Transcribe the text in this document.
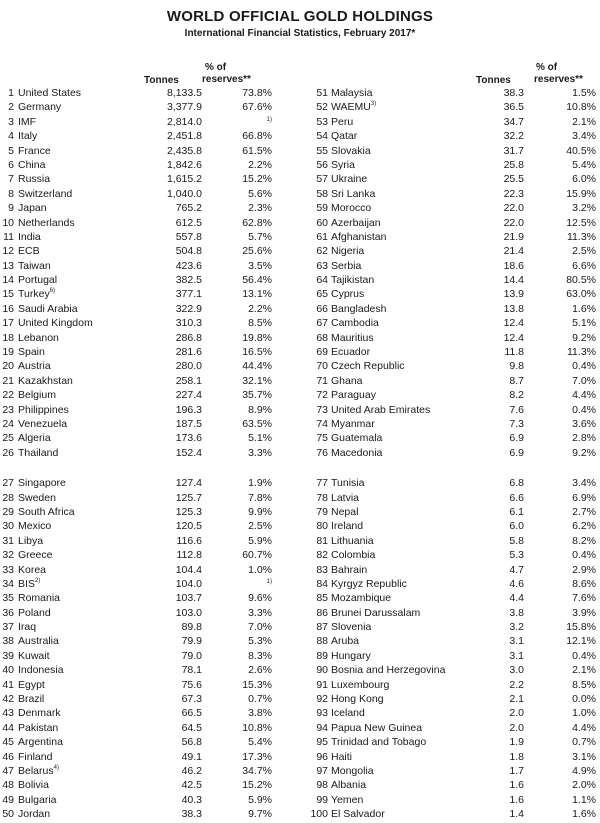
WORLD OFFICIAL GOLD HOLDINGS
International Financial Statistics, February 2017*
Tonnes
% of
reserves**	Tonnes
% of
reserves**
1 United States	8,133.5	73.8%
2 Germany	3,377.9	67.6%
3 IMF	2,814.0	1)
4 Italy	2,451.8	66.8%
5 France	2,435.8	61.5%
6 China	1,842.6	2.2%
7 Russia	1,615.2	15.2%
8 Switzerland	1,040.0	5.6%
9 Japan	765.2	2.3%
10 Netherlands	612.5	62.8%
11 India	557.8	5.7%
12 ECB	504.8	25.6%
13 Taiwan	423.6	3.5%
14 Portugal	382.5	56.4%
15 Turkey$^{6)}$	377.1	13.1%
16 Saudi Arabia	322.9	2.2%
17 United Kingdom	310.3	8.5%
18 Lebanon	286.8	19.8%
19 Spain	281.6	16.5%
20 Austria	280.0	44.4%
21 Kazakhstan	258.1	32.1%
22 Belgium	227.4	35.7%
23 Philippines	196.3	8.9%
24 Venezuela	187.5	63.5%
25 Algeria	173.6	5.1%
26 Thailand	152.4	3.3%
27 Singapore	127.4	1.9%
28 Sweden	125.7	7.8%
29 South Africa	125.3	9.9%
30 Mexico	120.5	2.5%
31 Libya	116.6	5.9%
32 Greece	112.8	60.7%
33 Korea	104.4	1.0%
34 BIS$^{2)}$	104.0	1)
35 Romania	103.7	9.6%
36 Poland	103.0	3.3%
37 Iraq	89.8	7.0%
38 Australia	79.9	5.3%
39 Kuwait	79.0	8.3%
40 Indonesia	78.1	2.6%
41 Egypt	75.6	15.3%
42 Brazil	67.3	0.7%
43 Denmark	66.5	3.8%
44 Pakistan	64.5	10.8%
45 Argentina	56.8	5.4%
46 Finland	49.1	17.3%
47 Belarus$^{4)}$	46.2	34.7%
48 Bolivia	42.5	15.2%
49 Bulgaria	40.3	5.9%
50 Jordan	38.3	9.7%
51 Malaysia	38.3	1.5%
52 WAEMU$^{3)}$	36.5	10.8%
53 Peru	34.7	2.1%
54 Qatar	32.2	3.4%
55 Slovakia	31.7	40.5%
56 Syria	25.8	5.4%
57 Ukraine	25.5	6.0%
58 Sri Lanka	22.3	15.9%
59 Morocco	22.0	3.2%
60 Azerbaijan	22.0	12.5%
61 Afghanistan	21.9	11.3%
62 Nigeria	21.4	2.5%
63 Serbia	18.6	6.6%
64 Tajikistan	14.4	80.5%
65 Cyprus	13.9	63.0%
66 Bangladesh	13.8	1.6%
67 Cambodia	12.4	5.1%
68 Mauritius	12.4	9.2%
69 Ecuador	11.8	11.3%
70 Czech Republic	9.8	0.4%
71 Ghana	8.7	7.0%
72 Paraguay	8.2	4.4%
73 United Arab Emirates	7.6	0.4%
74 Myanmar	7.3	3.6%
75 Guatemala	6.9	2.8%
76 Macedonia	6.9	9.2%
77 Tunisia	6.8	3.4%
78 Latvia	6.6	6.9%
79 Nepal	6.1	2.7%
80 Ireland	6.0	6.2%
81 Lithuania	5.8	8.2%
82 Colombia	5.3	0.4%
83 Bahrain	4.7	2.9%
84 Kyrgyz Republic	4.6	8.6%
85 Mozambique	4.4	7.6%
86 Brunei Darussalam	3.8	3.9%
87 Slovenia	3.2	15.8%
88 Aruba	3.1	12.1%
89 Hungary	3.1	0.4%
90 Bosnia and Herzegovina	3.0	2.1%
91 Luxembourg	2.2	8.5%
92 Hong Kong	2.1	0.0%
93 Iceland	2.0	1.0%
94 Papua New Guinea	2.0	4.4%
95 Trinidad and Tobago	1.9	0.7%
96 Haiti	1.8	3.1%
97 Mongolia	1.7	4.9%
98 Albania	1.6	2.0%
99 Yemen	1.6	1.1%
100 El Salvador	1.4	1.6%
